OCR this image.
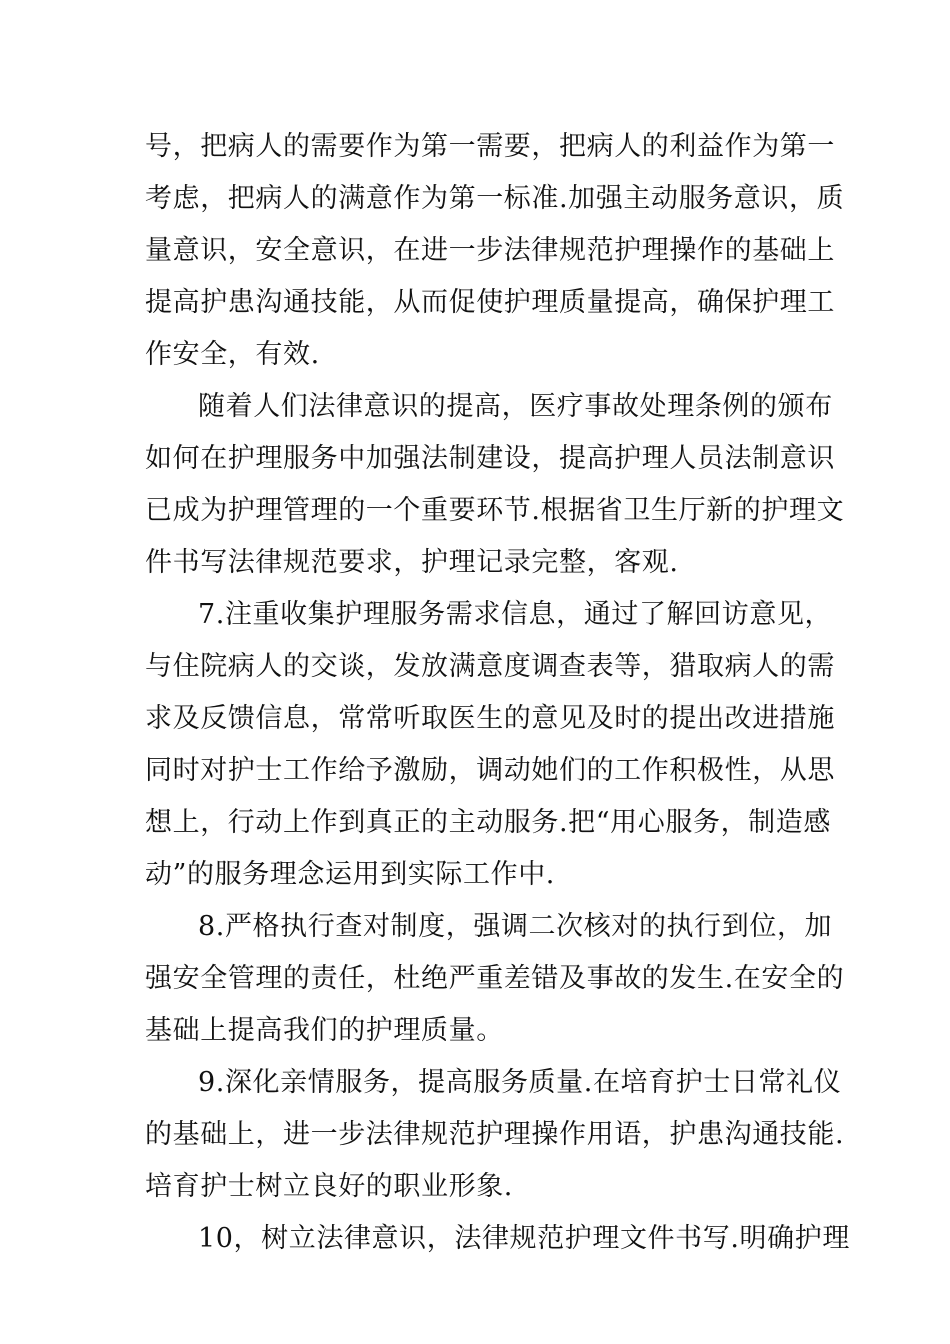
号，把病人的需要作为第一需要，把病人的利益作为第一
考虑，把病人的满意作为第一标准.加强主动服务意识，质
量意识，安全意识，在进一步法律规范护理操作的基础上
提高护患沟通技能，从而促使护理质量提高，确保护理工
作安全，有效.
随着人们法律意识的提高，医疗事故处理条例的颁布
如何在护理服务中加强法制建设，提高护理人员法制意识
已成为护理管理的一个重要环节.根据省卫生厅新的护理文
件书写法律规范要求，护理记录完整，客观.
7.注重收集护理服务需求信息，通过了解回访意见，
与住院病人的交谈，发放满意度调查表等，猎取病人的需
求及反馈信息，常常听取医生的意见及时的提出改进措施
同时对护士工作给予激励，调动她们的工作积极性，从思
想上，行动上作到真正的主动服务.把“用心服务，制造感
动”的服务理念运用到实际工作中.
8.严格执行查对制度，强调二次核对的执行到位，加
强安全管理的责任，杜绝严重差错及事故的发生.在安全的
基础上提高我们的护理质量。
9.深化亲情服务，提高服务质量.在培育护士日常礼仪
的基础上，进一步法律规范护理操作用语，护患沟通技能.
培育护士树立良好的职业形象.
10，树立法律意识，法律规范护理文件书写.明确护理
